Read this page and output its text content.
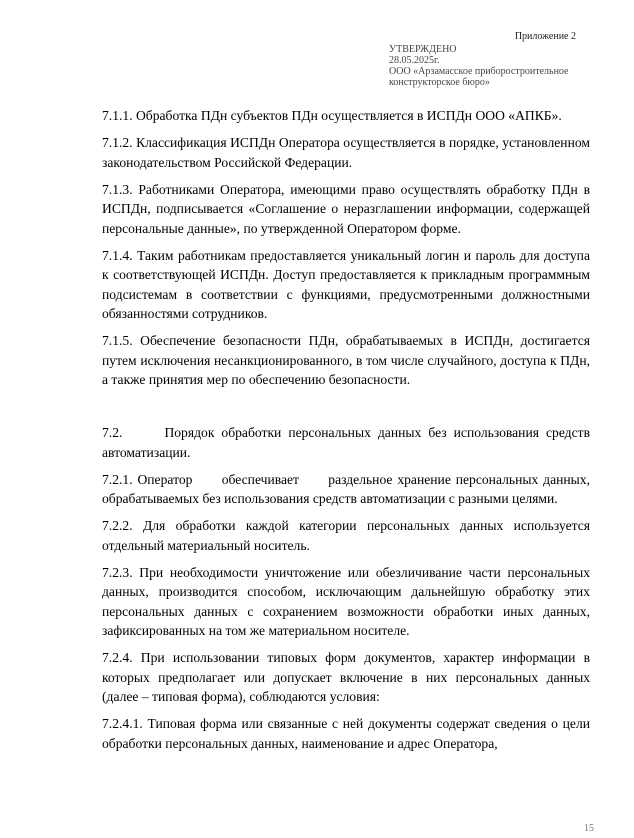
Приложение 2
УТВЕРЖДЕНО
28.05.2025г.
ООО «Арзамасское приборостроительное
конструкторское бюро»

7.1.1. Обработка ПДн субъектов ПДн осуществляется в ИСПДн ООО «АПКБ».

7.1.2. Классификация ИСПДн Оператора осуществляется в порядке, установленном законодательством Российской Федерации.

7.1.3. Работниками Оператора, имеющими право осуществлять обработку ПДн в ИСПДн, подписывается «Соглашение о неразглашении информации, содержащей персональные данные», по утвержденной Оператором форме.

7.1.4. Таким работникам предоставляется уникальный логин и пароль для доступа к соответствующей ИСПДн. Доступ предоставляется к прикладным программным подсистемам в соответствии с функциями, предусмотренными должностными обязанностями сотрудников.

7.1.5. Обеспечение безопасности ПДн, обрабатываемых в ИСПДн, достигается путем исключения несанкционированного, в том числе случайного, доступа к ПДн, а также принятия мер по обеспечению безопасности.

7.2.      Порядок обработки персональных данных без использования средств автоматизации.

7.2.1. Оператор      обеспечивает      раздельное хранение персональных данных, обрабатываемых без использования средств автоматизации с разными целями.

7.2.2. Для обработки каждой категории персональных данных используется отдельный материальный носитель.

7.2.3. При необходимости уничтожение или обезличивание части персональных данных, производится способом, исключающим дальнейшую обработку этих персональных данных с сохранением возможности обработки иных данных, зафиксированных на том же материальном носителе.

7.2.4. При использовании типовых форм документов, характер информации в которых предполагает или допускает включение в них персональных данных (далее – типовая форма), соблюдаются условия:

7.2.4.1. Типовая форма или связанные с ней документы содержат сведения о цели обработки персональных данных, наименование и адрес Оператора,

15
